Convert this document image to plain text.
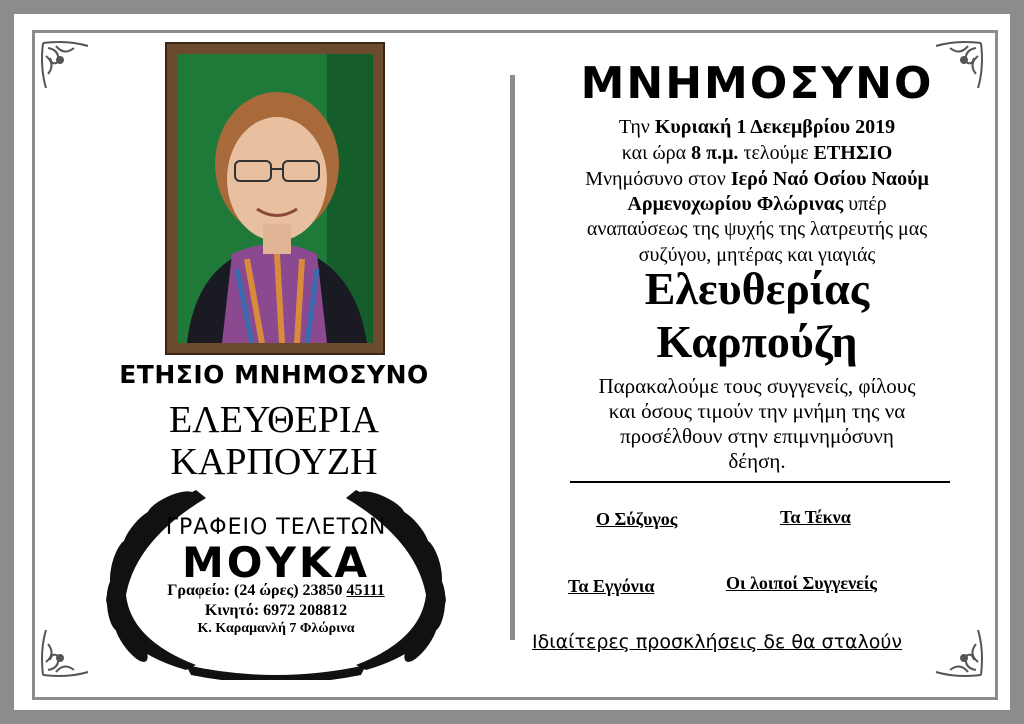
ΕΤΗΣΙΟ ΜΝΗΜΟΣΥΝΟ
ΕΛΕΥΘΕΡΙΑ
ΚΑΡΠΟΥΖΗ
ΓΡΑΦΕΙΟ ΤΕΛΕΤΩΝ
ΜΟΥΚΑ
Γραφείο: (24 ώρες) 23850 45111
Κινητό: 6972 208812
Κ. Καραμανλή 7 Φλώρινα
ΜΝΗΜΟΣΥΝΟ
Την Κυριακή 1 Δεκεμβρίου 2019
και ώρα 8 π.μ. τελούμε ΕΤΗΣΙΟ
Μνημόσυνο στον Ιερό Ναό Οσίου Ναούμ
Αρμενοχωρίου Φλώρινας υπέρ
αναπαύσεως της ψυχής της λατρευτής μας
συζύγου, μητέρας και γιαγιάς
Ελευθερίας
Καρπούζη
Παρακαλούμε τους συγγενείς, φίλους
και όσους τιμούν την μνήμη της να
προσέλθουν στην επιμνημόσυνη
δέηση.
Ο Σύζυγος	Τα Τέκνα
Τα Εγγόνια	Οι λοιποί Συγγενείς
Ιδιαίτερες προσκλήσεις δε θα σταλούν
